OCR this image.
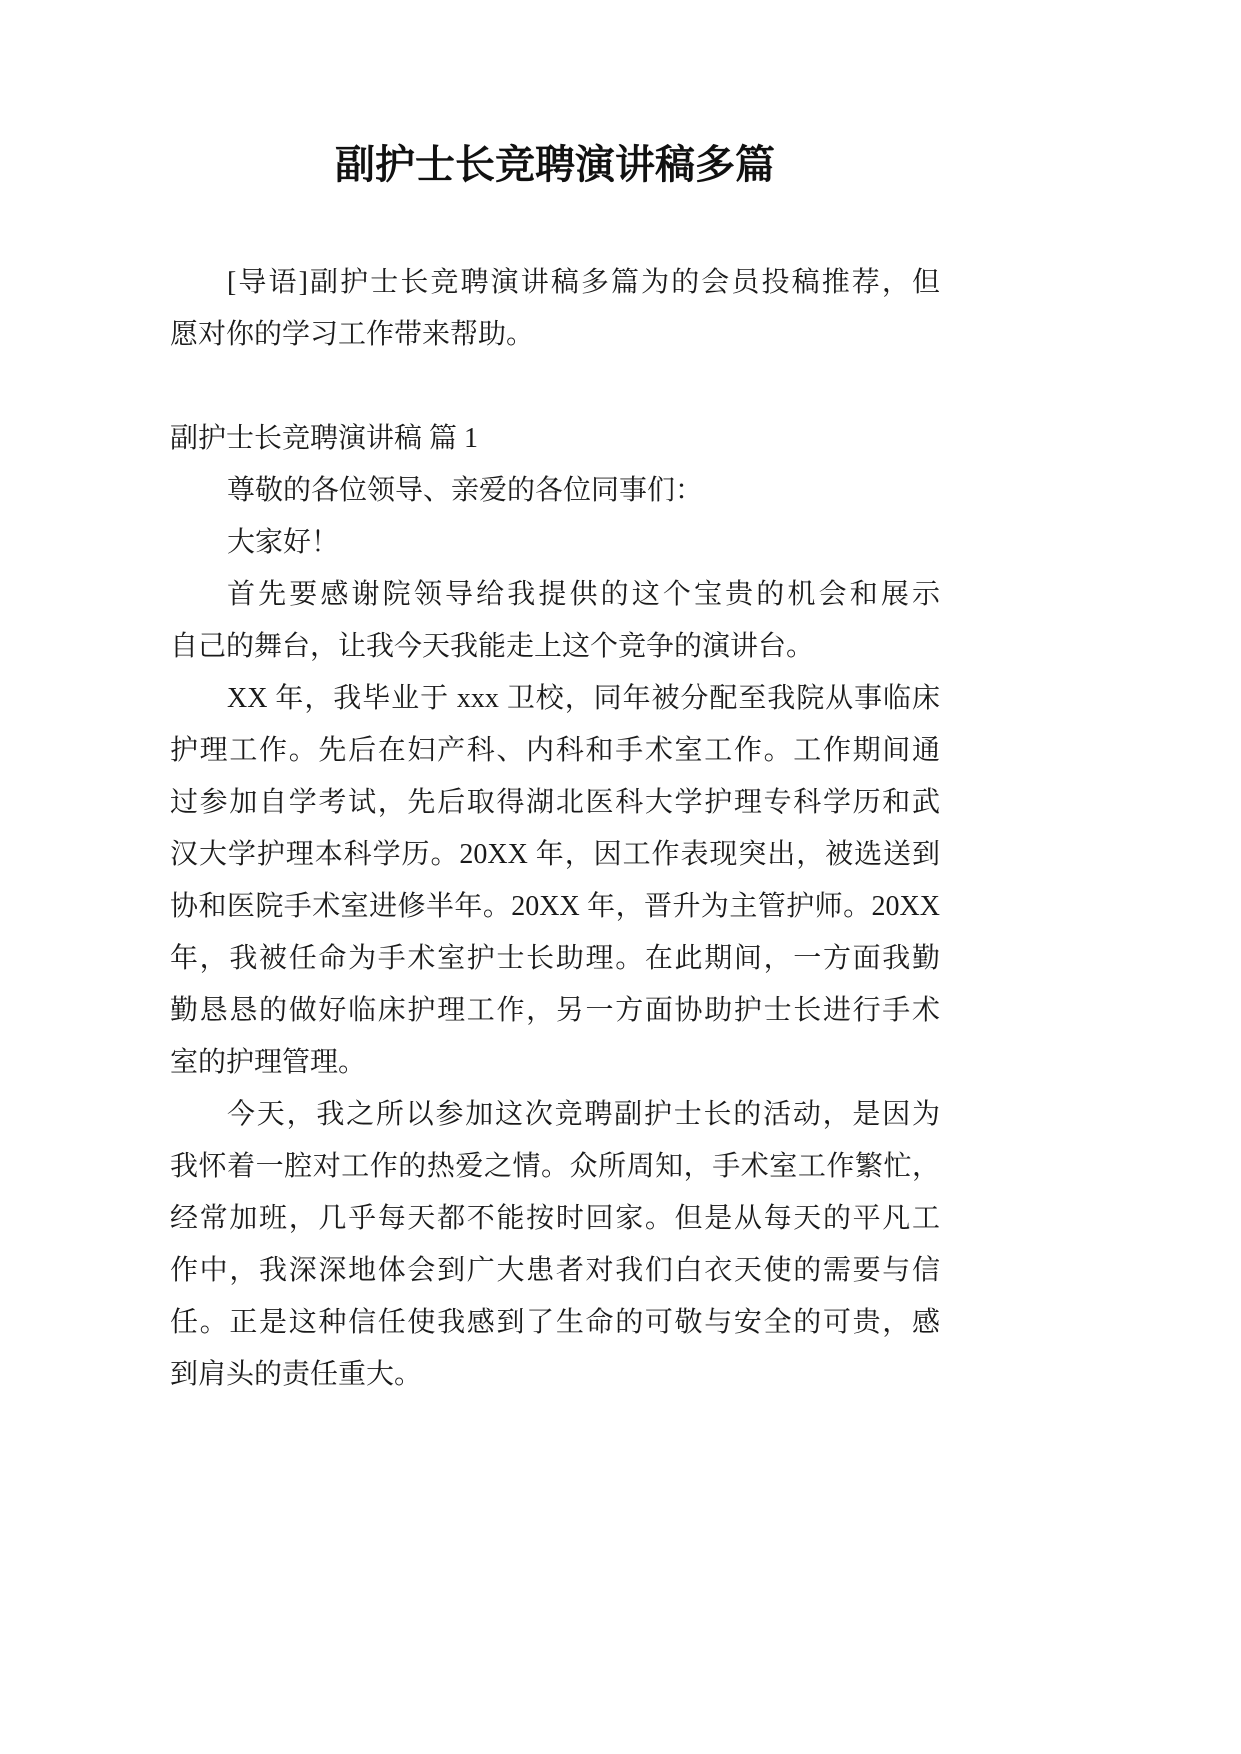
副护士长竞聘演讲稿多篇
[导语]副护士长竞聘演讲稿多篇为的会员投稿推荐，但
愿对你的学习工作带来帮助。
副护士长竞聘演讲稿 篇 1
尊敬的各位领导、亲爱的各位同事们：
大家好！
首先要感谢院领导给我提供的这个宝贵的机会和展示
自己的舞台，让我今天我能走上这个竞争的演讲台。
XX 年，我毕业于 xxx 卫校，同年被分配至我院从事临床
护理工作。先后在妇产科、内科和手术室工作。工作期间通
过参加自学考试，先后取得湖北医科大学护理专科学历和武
汉大学护理本科学历。20XX 年，因工作表现突出，被选送到
协和医院手术室进修半年。20XX 年，晋升为主管护师。20XX
年，我被任命为手术室护士长助理。在此期间，一方面我勤
勤恳恳的做好临床护理工作，另一方面协助护士长进行手术
室的护理管理。
今天，我之所以参加这次竞聘副护士长的活动，是因为
我怀着一腔对工作的热爱之情。众所周知，手术室工作繁忙，
经常加班，几乎每天都不能按时回家。但是从每天的平凡工
作中，我深深地体会到广大患者对我们白衣天使的需要与信
任。正是这种信任使我感到了生命的可敬与安全的可贵，感
到肩头的责任重大。
